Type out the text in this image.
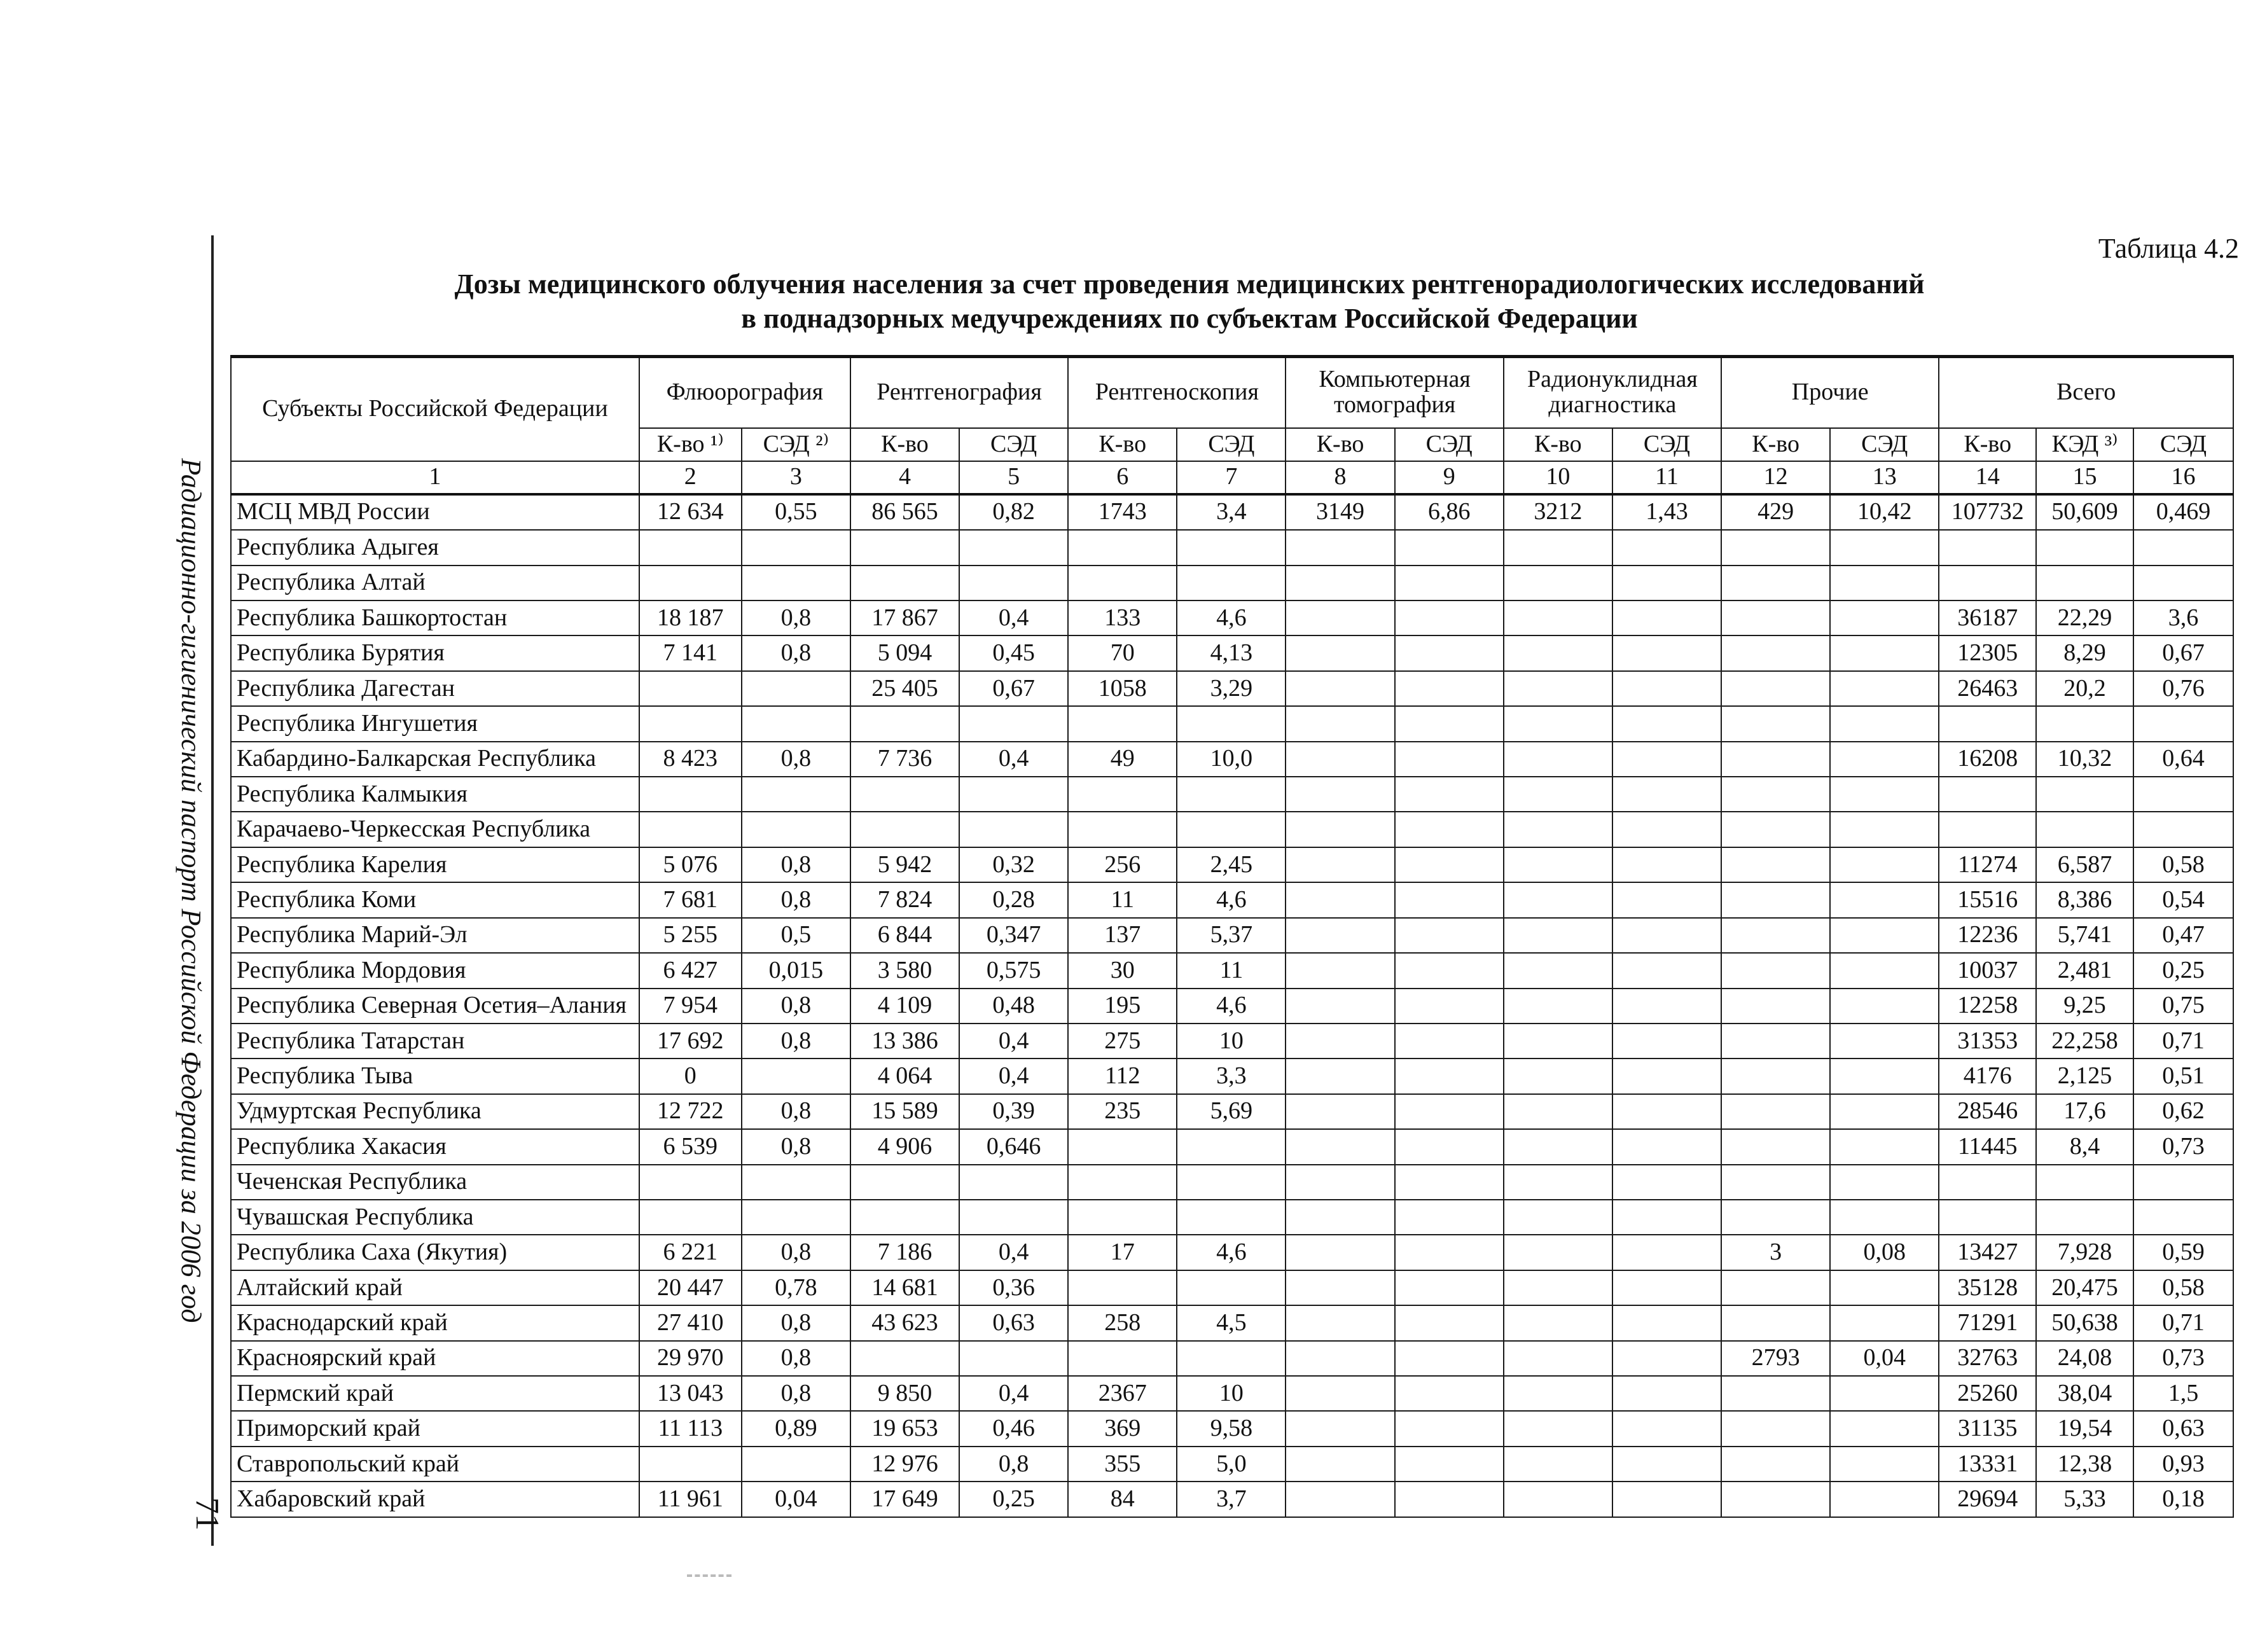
Радиационно-гигиенический паспорт Российской Федерации за 2006 год
71
Таблица 4.2
Дозы медицинского облучения населения за счет проведения медицинских рентгенорадиологических исследований
в поднадзорных медучреждениях по субъектам Российской Федерации
Субъекты Российской Федерации	Флюорография		Рентгенография		Рентгеноскопия		Компьютерная томография		Радионуклидная диагностика		Прочие		Всего		
	К-во ¹⁾	СЭД ²⁾	К-во	СЭД	К-во	СЭД	К-во	СЭД	К-во	СЭД	К-во	СЭД	К-во	КЭД ³⁾	СЭД
1	2	3	4	5	6	7	8	9	10	11	12	13	14	15	16
МСЦ МВД России	12 634	0,55	86 565	0,82	1743	3,4	3149	6,86	3212	1,43	429	10,42	107732	50,609	0,469
Республика Адыгея															
Республика Алтай															
Республика Башкортостан	18 187	0,8	17 867	0,4	133	4,6							36187	22,29	3,6
Республика Бурятия	7 141	0,8	5 094	0,45	70	4,13							12305	8,29	0,67
Республика Дагестан			25 405	0,67	1058	3,29							26463	20,2	0,76
Республика Ингушетия															
Кабардино-Балкарская Республика	8 423	0,8	7 736	0,4	49	10,0							16208	10,32	0,64
Республика Калмыкия															
Карачаево-Черкесская Республика															
Республика Карелия	5 076	0,8	5 942	0,32	256	2,45							11274	6,587	0,58
Республика Коми	7 681	0,8	7 824	0,28	11	4,6							15516	8,386	0,54
Республика Марий-Эл	5 255	0,5	6 844	0,347	137	5,37							12236	5,741	0,47
Республика Мордовия	6 427	0,015	3 580	0,575	30	11							10037	2,481	0,25
Республика Северная Осетия–Алания	7 954	0,8	4 109	0,48	195	4,6							12258	9,25	0,75
Республика Татарстан	17 692	0,8	13 386	0,4	275	10							31353	22,258	0,71
Республика Тыва	0		4 064	0,4	112	3,3							4176	2,125	0,51
Удмуртская Республика	12 722	0,8	15 589	0,39	235	5,69							28546	17,6	0,62
Республика Хакасия	6 539	0,8	4 906	0,646									11445	8,4	0,73
Чеченская Республика															
Чувашская Республика															
Республика Саха (Якутия)	6 221	0,8	7 186	0,4	17	4,6					3	0,08	13427	7,928	0,59
Алтайский край	20 447	0,78	14 681	0,36									35128	20,475	0,58
Краснодарский край	27 410	0,8	43 623	0,63	258	4,5							71291	50,638	0,71
Красноярский край	29 970	0,8									2793	0,04	32763	24,08	0,73
Пермский край	13 043	0,8	9 850	0,4	2367	10							25260	38,04	1,5
Приморский край	11 113	0,89	19 653	0,46	369	9,58							31135	19,54	0,63
Ставропольский край			12 976	0,8	355	5,0							13331	12,38	0,93
Хабаровский край	11 961	0,04	17 649	0,25	84	3,7							29694	5,33	0,18
